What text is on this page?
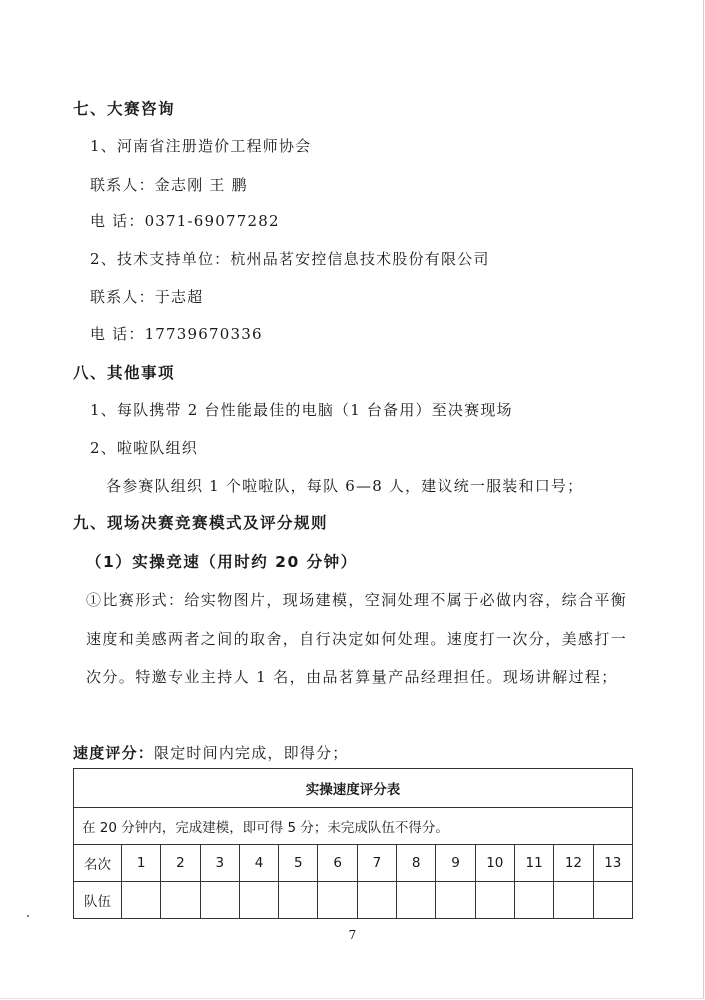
七、大赛咨询
1、河南省注册造价工程师协会
联系人：金志刚 王 鹏
电 话：0371-69077282
2、技术支持单位：杭州品茗安控信息技术股份有限公司
联系人：于志超
电 话：17739670336
八、其他事项
1、每队携带 2 台性能最佳的电脑（1 台备用）至决赛现场
2、啦啦队组织
各参赛队组织 1 个啦啦队，每队 6—8 人，建议统一服装和口号；
九、现场决赛竞赛模式及评分规则
（1）实操竞速（用时约 20 分钟）
①比赛形式：给实物图片，现场建模，空洞处理不属于必做内容，综合平衡
速度和美感两者之间的取舍，自行决定如何处理。速度打一次分，美感打一
次分。特邀专业主持人 1 名，由品茗算量产品经理担任。现场讲解过程；
速度评分：限定时间内完成，即得分；
实操速度评分表													
在 20 分钟内，完成建模，即可得 5 分；未完成队伍不得分。													
名次	1	2	3	4	5	6	7	8	9	10	11	12	13
队伍													
7
